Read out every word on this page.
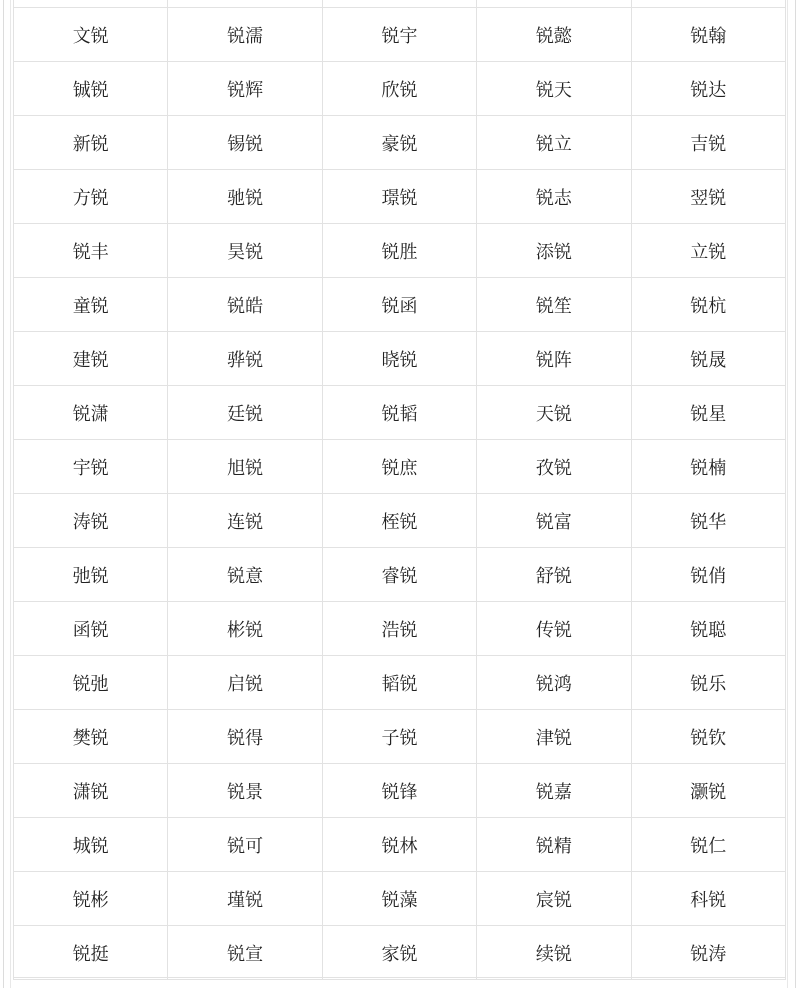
文锐	锐濡	锐宇	锐懿	锐翰
铖锐	锐辉	欣锐	锐天	锐达
新锐	锡锐	豪锐	锐立	吉锐
方锐	驰锐	璟锐	锐志	翌锐
锐丰	昊锐	锐胜	添锐	立锐
童锐	锐皓	锐函	锐笙	锐杭
建锐	骅锐	晓锐	锐阵	锐晟
锐潇	廷锐	锐韬	天锐	锐星
宇锐	旭锐	锐庶	孜锐	锐楠
涛锐	连锐	桎锐	锐富	锐华
弛锐	锐意	睿锐	舒锐	锐俏
函锐	彬锐	浩锐	传锐	锐聪
锐弛	启锐	韬锐	锐鸿	锐乐
樊锐	锐得	子锐	津锐	锐钦
潇锐	锐景	锐锋	锐嘉	灏锐
城锐	锐可	锐林	锐精	锐仁
锐彬	瑾锐	锐藻	宸锐	科锐
锐挺	锐宣	家锐	续锐	锐涛
